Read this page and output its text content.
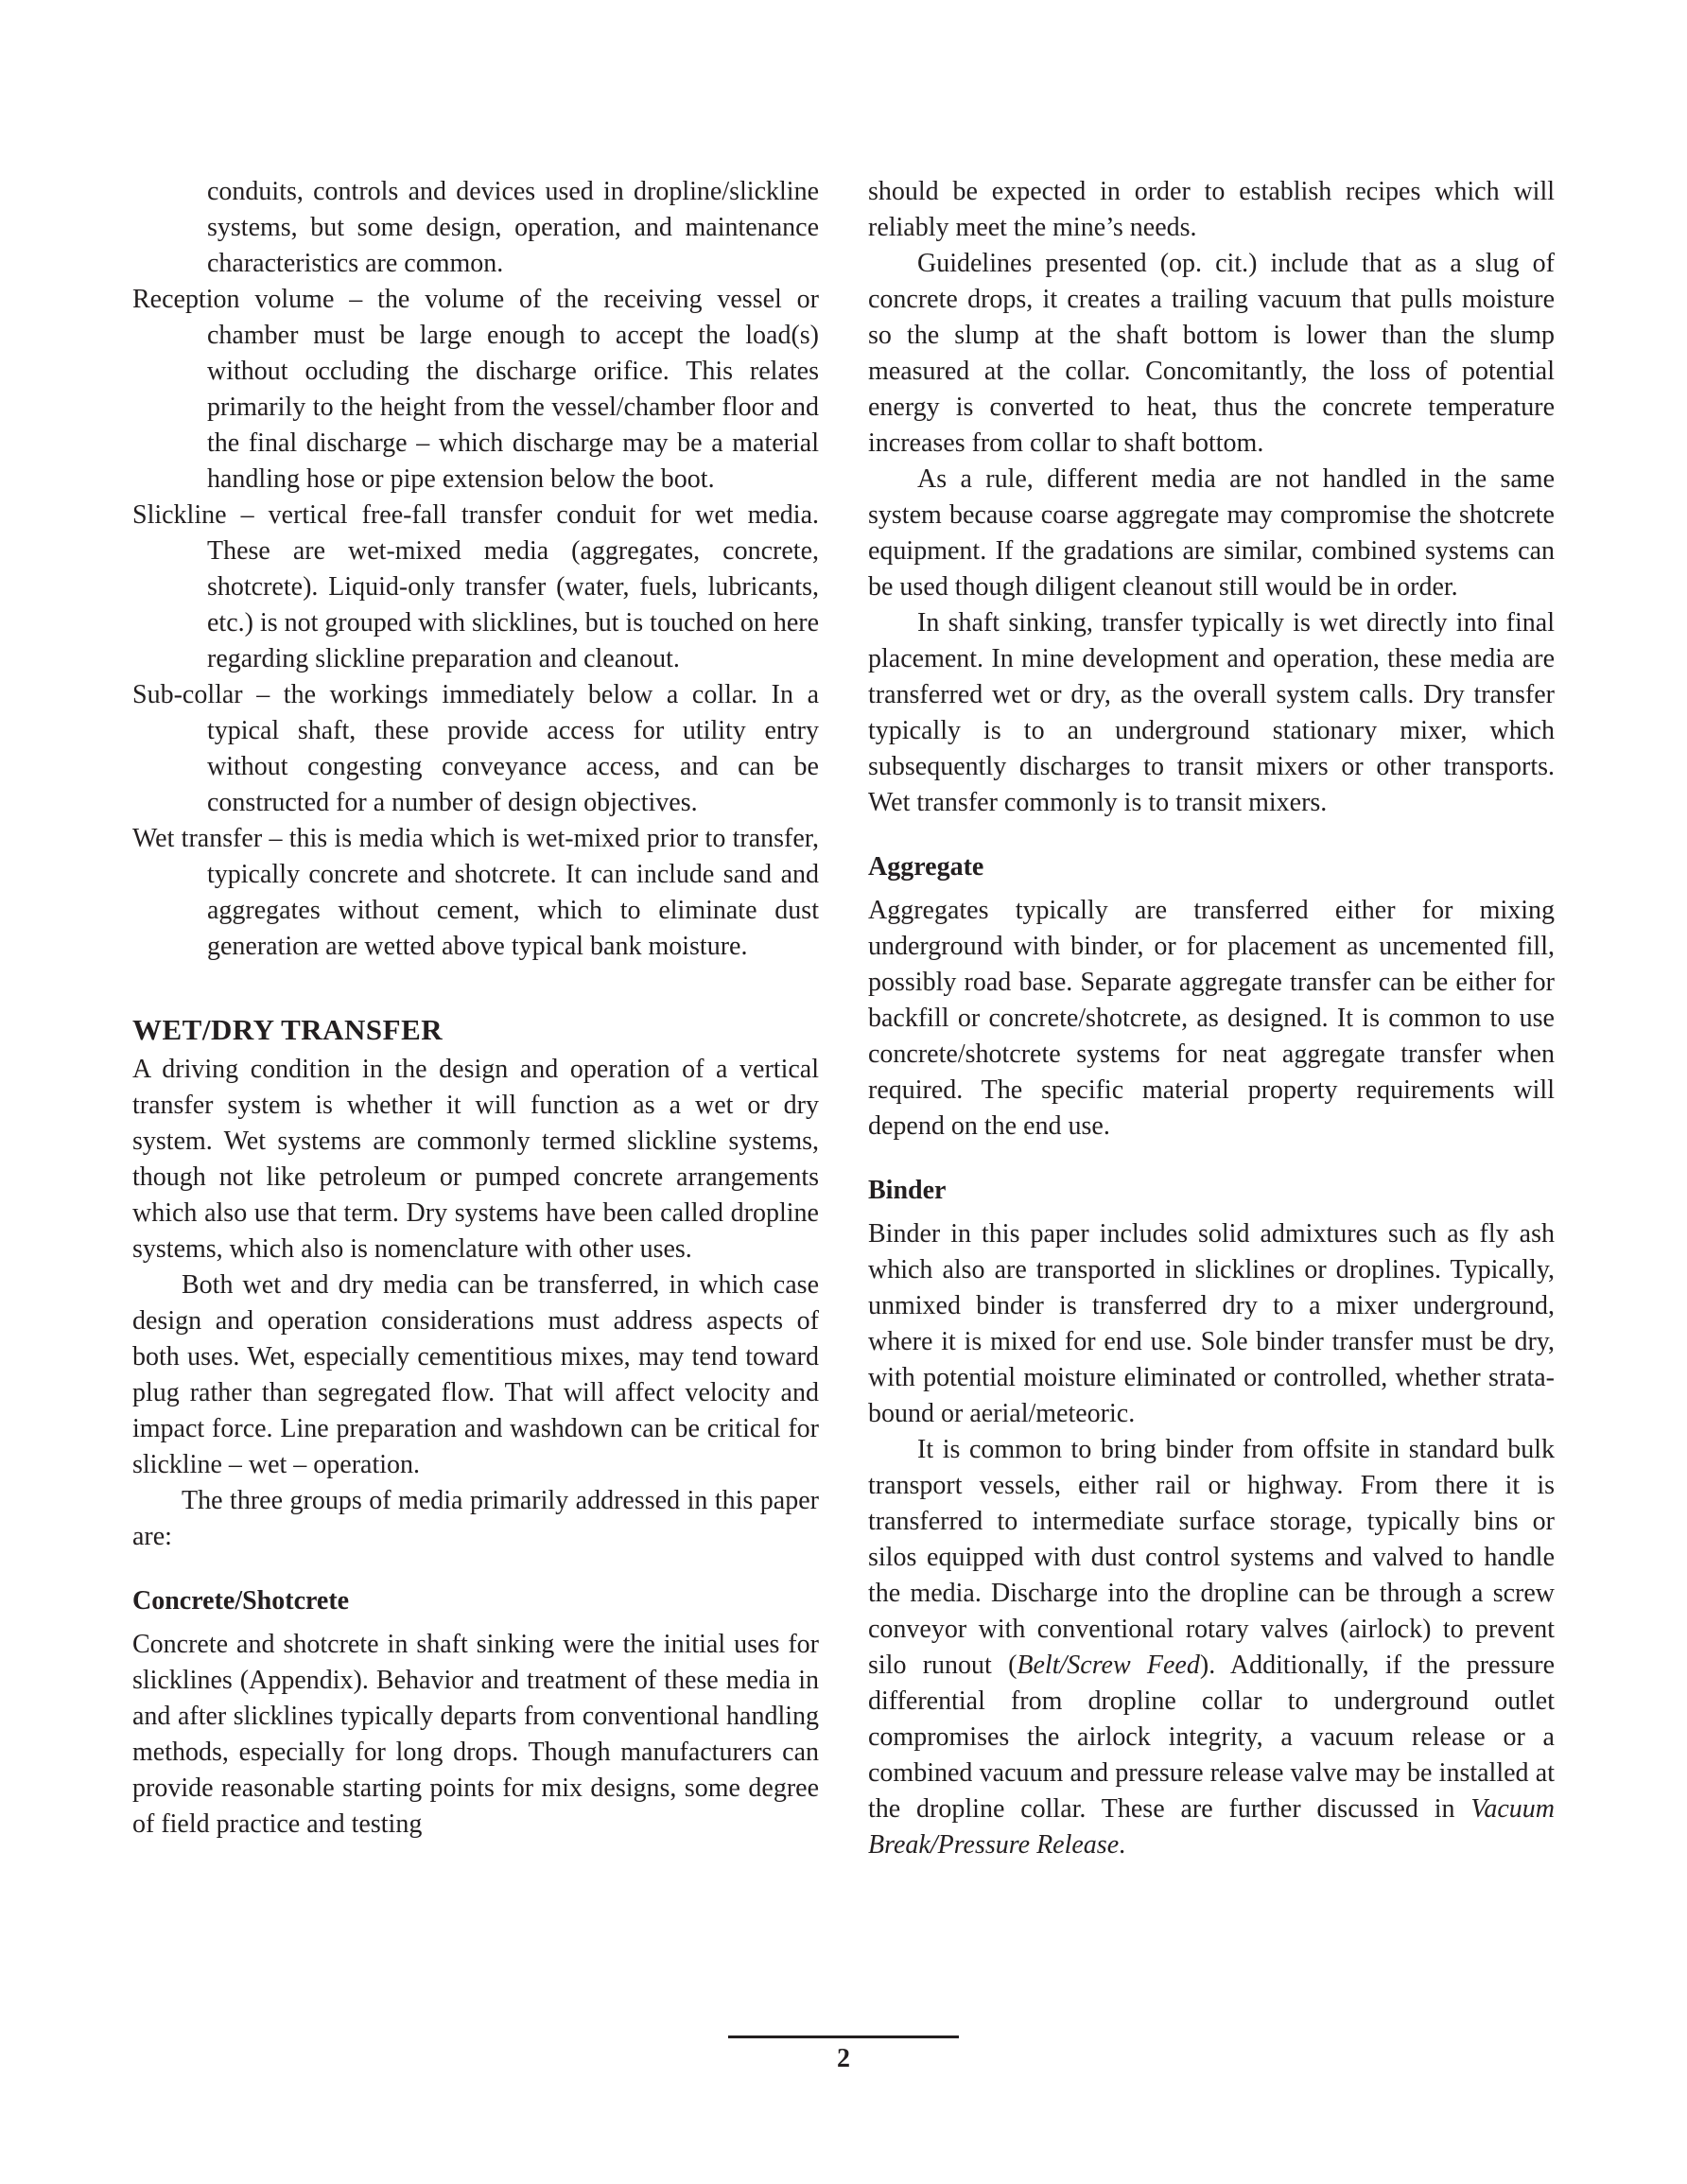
conduits, controls and devices used in dropline/slickline systems, but some design, operation, and maintenance characteristics are common.

Reception volume – the volume of the receiving vessel or chamber must be large enough to accept the load(s) without occluding the discharge orifice. This relates primarily to the height from the vessel/chamber floor and the final discharge – which discharge may be a material handling hose or pipe extension below the boot.

Slickline – vertical free-fall transfer conduit for wet media. These are wet-mixed media (aggregates, concrete, shotcrete). Liquid-only transfer (water, fuels, lubricants, etc.) is not grouped with slicklines, but is touched on here regarding slickline preparation and cleanout.

Sub-collar – the workings immediately below a collar. In a typical shaft, these provide access for utility entry without congesting conveyance access, and can be constructed for a number of design objectives.

Wet transfer – this is media which is wet-mixed prior to transfer, typically concrete and shotcrete. It can include sand and aggregates without cement, which to eliminate dust generation are wetted above typical bank moisture.

WET/DRY TRANSFER

A driving condition in the design and operation of a vertical transfer system is whether it will function as a wet or dry system. Wet systems are commonly termed slickline systems, though not like petroleum or pumped concrete arrangements which also use that term. Dry systems have been called dropline systems, which also is nomenclature with other uses.

Both wet and dry media can be transferred, in which case design and operation considerations must address aspects of both uses. Wet, especially cementitious mixes, may tend toward plug rather than segregated flow. That will affect velocity and impact force. Line preparation and washdown can be critical for slickline – wet – operation.

The three groups of media primarily addressed in this paper are:

Concrete/Shotcrete

Concrete and shotcrete in shaft sinking were the initial uses for slicklines (Appendix). Behavior and treatment of these media in and after slicklines typically departs from conventional handling methods, especially for long drops. Though manufacturers can provide reasonable starting points for mix designs, some degree of field practice and testing

should be expected in order to establish recipes which will reliably meet the mine’s needs.

Guidelines presented (op. cit.) include that as a slug of concrete drops, it creates a trailing vacuum that pulls moisture so the slump at the shaft bottom is lower than the slump measured at the collar. Concomitantly, the loss of potential energy is converted to heat, thus the concrete temperature increases from collar to shaft bottom.

As a rule, different media are not handled in the same system because coarse aggregate may compromise the shotcrete equipment. If the gradations are similar, combined systems can be used though diligent cleanout still would be in order.

In shaft sinking, transfer typically is wet directly into final placement. In mine development and operation, these media are transferred wet or dry, as the overall system calls. Dry transfer typically is to an underground stationary mixer, which subsequently discharges to transit mixers or other transports. Wet transfer commonly is to transit mixers.

Aggregate

Aggregates typically are transferred either for mixing underground with binder, or for placement as uncemented fill, possibly road base. Separate aggregate transfer can be either for backfill or concrete/shotcrete, as designed. It is common to use concrete/shotcrete systems for neat aggregate transfer when required. The specific material property requirements will depend on the end use.

Binder

Binder in this paper includes solid admixtures such as fly ash which also are transported in slicklines or droplines. Typically, unmixed binder is transferred dry to a mixer underground, where it is mixed for end use. Sole binder transfer must be dry, with potential moisture eliminated or controlled, whether strata-bound or aerial/meteoric.

It is common to bring binder from offsite in standard bulk transport vessels, either rail or highway. From there it is transferred to intermediate surface storage, typically bins or silos equipped with dust control systems and valved to handle the media. Discharge into the dropline can be through a screw conveyor with conventional rotary valves (airlock) to prevent silo runout (Belt/Screw Feed). Additionally, if the pressure differential from dropline collar to underground outlet compromises the airlock integrity, a vacuum release or a combined vacuum and pressure release valve may be installed at the dropline collar. These are further discussed in Vacuum Break/Pressure Release.

2
